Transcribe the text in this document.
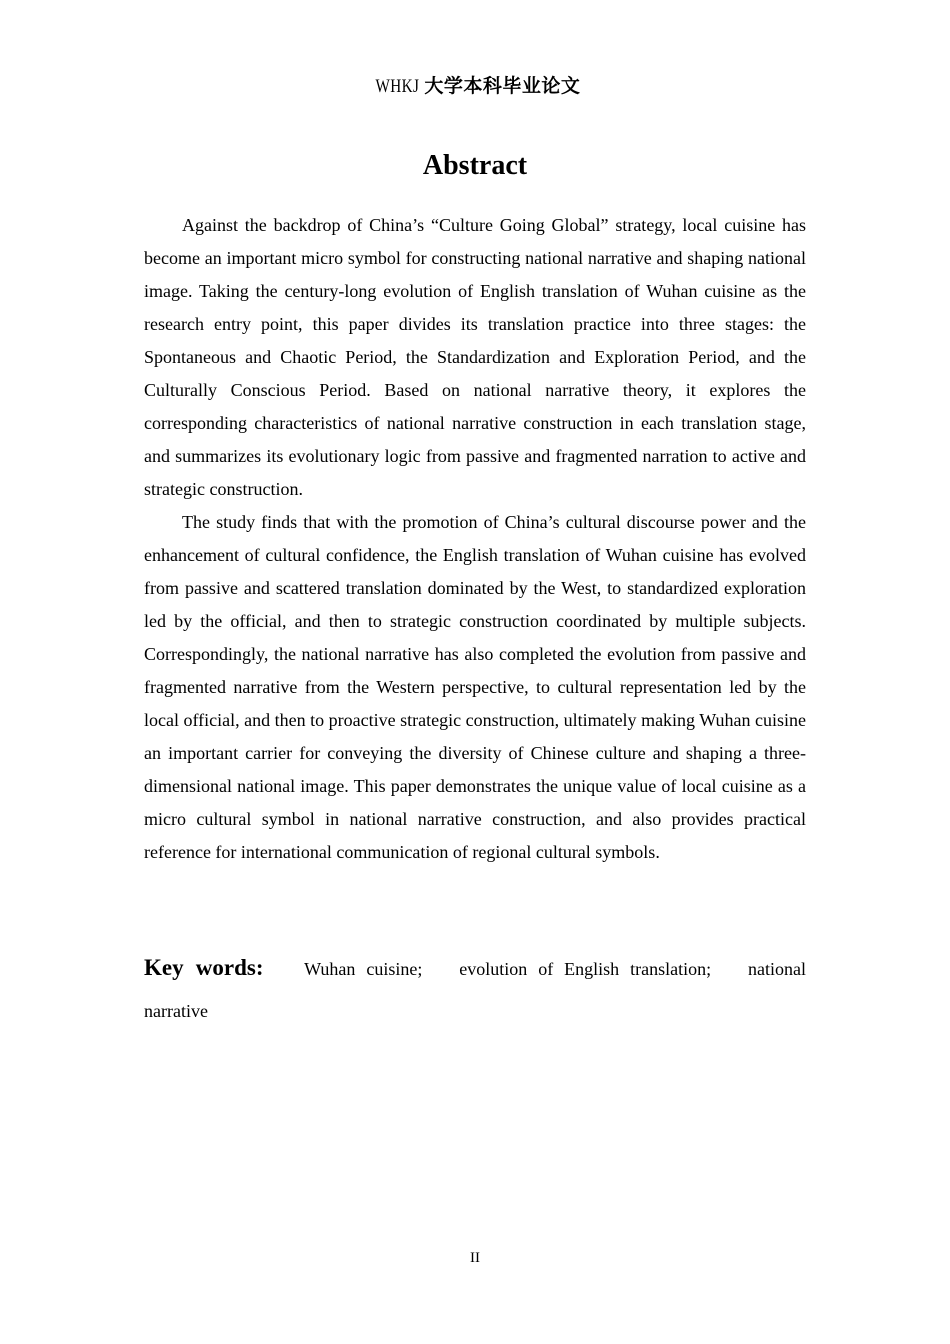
WHKJ 大学本科毕业论文
Abstract

Against the backdrop of China’s “Culture Going Global” strategy, local cuisine has become an important micro symbol for constructing national narrative and shaping national image. Taking the century-long evolution of English translation of Wuhan cuisine as the research entry point, this paper divides its translation practice into three stages: the Spontaneous and Chaotic Period, the Standardization and Exploration Period, and the Culturally Conscious Period. Based on national narrative theory, it explores the corresponding characteristics of national narrative construction in each translation stage, and summarizes its evolutionary logic from passive and fragmented narration to active and strategic construction.

The study finds that with the promotion of China’s cultural discourse power and the enhancement of cultural confidence, the English translation of Wuhan cuisine has evolved from passive and scattered translation dominated by the West, to standardized exploration led by the official, and then to strategic construction coordinated by multiple subjects. Correspondingly, the national narrative has also completed the evolution from passive and fragmented narrative from the Western perspective, to cultural representation led by the local official, and then to proactive strategic construction, ultimately making Wuhan cuisine an important carrier for conveying the diversity of Chinese culture and shaping a three-dimensional national image. This paper demonstrates the unique value of local cuisine as a micro cultural symbol in national narrative construction, and also provides practical reference for international communication of regional cultural symbols.

Key words: Wuhan cuisine; evolution of English translation; national narrative

II
